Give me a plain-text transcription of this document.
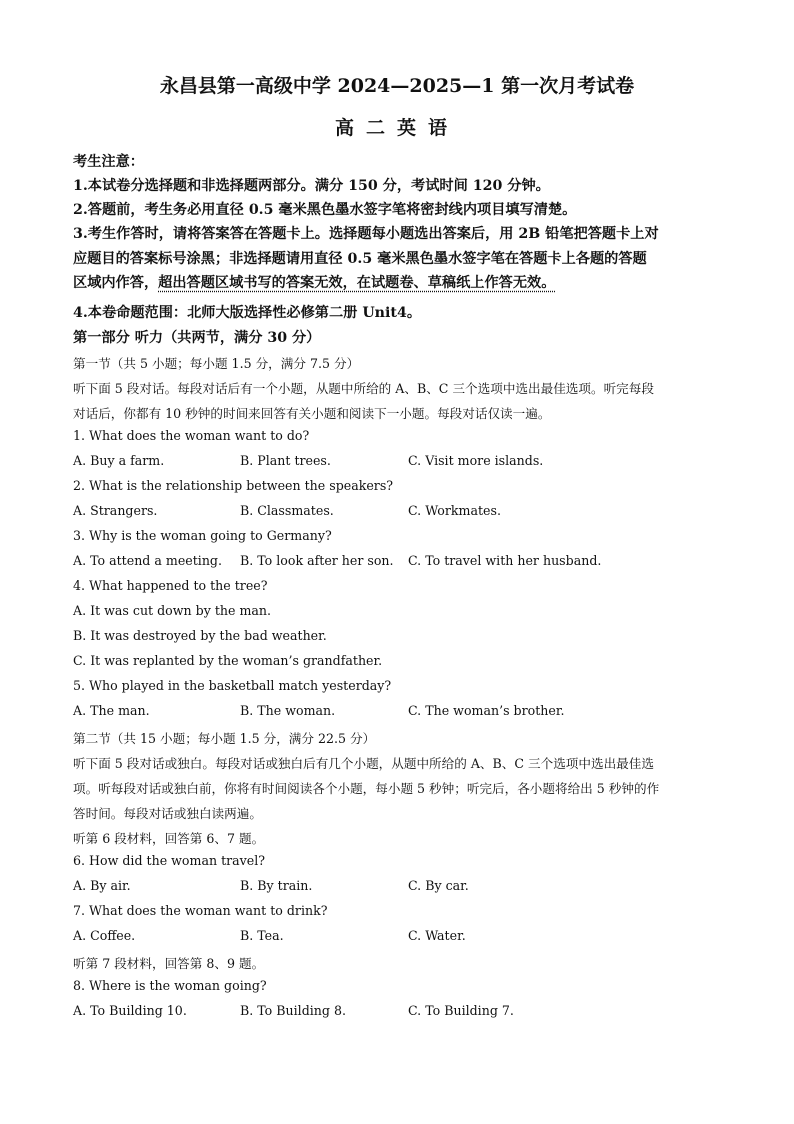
永昌县第一高级中学 2024—2025—1 第一次月考试卷
高二英语
考生注意：
1.本试卷分选择题和非选择题两部分。满分 150 分，考试时间 120 分钟。
2.答题前，考生务必用直径 0.5 毫米黑色墨水签字笔将密封线内项目填写清楚。
3.考生作答时，请将答案答在答题卡上。选择题每小题选出答案后，用 2B 铅笔把答题卡上对
应题目的答案标号涂黑；非选择题请用直径 0.5 毫米黑色墨水签字笔在答题卡上各题的答题
区域内作答，超出答题区域书写的答案无效，在试题卷、草稿纸上作答无效。
4.本卷命题范围：北师大版选择性必修第二册 Unit4。
第一部分 听力（共两节，满分 30 分）
第一节（共 5 小题；每小题 1.5 分，满分 7.5 分）
听下面 5 段对话。每段对话后有一个小题，从题中所给的 A、B、C 三个选项中选出最佳选项。听完每段
对话后，你都有 10 秒钟的时间来回答有关小题和阅读下一小题。每段对话仅读一遍。
1. What does the woman want to do?
A. Buy a farm.	B. Plant trees.	C. Visit more islands.
2. What is the relationship between the speakers?
A. Strangers.	B. Classmates.	C. Workmates.
3. Why is the woman going to Germany?
A. To attend a meeting. B. To look after her son. C. To travel with her husband.
4. What happened to the tree?
A. It was cut down by the man.
B. It was destroyed by the bad weather.
C. It was replanted by the woman’s grandfather.
5. Who played in the basketball match yesterday?
A. The man.	B. The woman.	C. The woman’s brother.
第二节（共 15 小题；每小题 1.5 分，满分 22.5 分）
听下面 5 段对话或独白。每段对话或独白后有几个小题，从题中所给的 A、B、C 三个选项中选出最佳选
项。听每段对话或独白前，你将有时间阅读各个小题，每小题 5 秒钟；听完后，各小题将给出 5 秒钟的作
答时间。每段对话或独白读两遍。
听第 6 段材料，回答第 6、7 题。
6. How did the woman travel?
A. By air.	B. By train.	C. By car.
7. What does the woman want to drink?
A. Coffee.	B. Tea.	C. Water.
听第 7 段材料，回答第 8、9 题。
8. Where is the woman going?
A. To Building 10.	B. To Building 8.	C. To Building 7.
